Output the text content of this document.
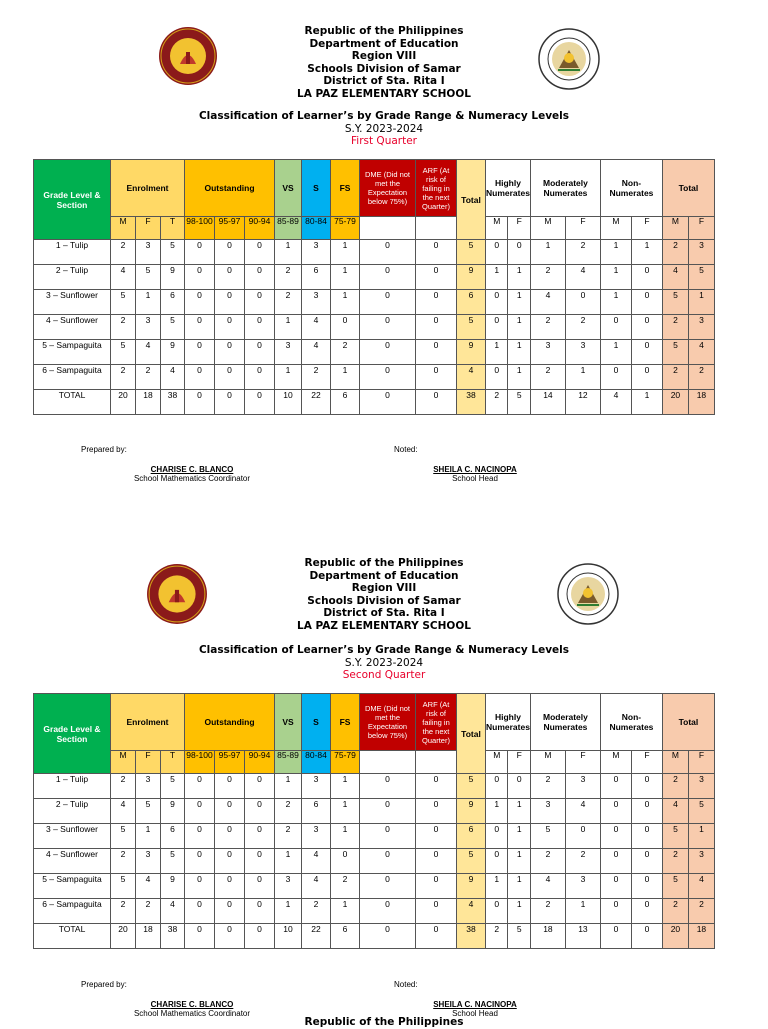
Republic of the Philippines
Department of Education
Region VIII
Schools Division of Samar
District of Sta. Rita I
LA PAZ ELEMENTARY SCHOOL
Classification of Learner’s by Grade Range & Numeracy Levels
S.Y. 2023-2024
First Quarter
Grade Level & Section	Enrolment			Outstanding			VS	S	FS	DME (Did not met the Expectation below 75%)	ARF (At risk of failing in the next Quarter)	Total	Highly Numerates		Moderately Numerates		Non-Numerates		Total	
	M	F	T	98-100	95-97	90-94	85-89	80-84	75-79				M	F	M	F	M	F	M	F
1 – Tulip	2	3	5	0	0	0	1	3	1	0	0	5	0	0	1	2	1	1	2	3
2 – Tulip	4	5	9	0	0	0	2	6	1	0	0	9	1	1	2	4	1	0	4	5
3 – Sunflower	5	1	6	0	0	0	2	3	1	0	0	6	0	1	4	0	1	0	5	1
4 – Sunflower	2	3	5	0	0	0	1	4	0	0	0	5	0	1	2	2	0	0	2	3
5 – Sampaguita	5	4	9	0	0	0	3	4	2	0	0	9	1	1	3	3	1	0	5	4
6 – Sampaguita	2	2	4	0	0	0	1	2	1	0	0	4	0	1	2	1	0	0	2	2
TOTAL	20	18	38	0	0	0	10	22	6	0	0	38	2	5	14	12	4	1	20	18
Prepared by:	Noted:
CHARISE C. BLANCO
School Mathematics Coordinator
SHEILA C. NACINOPA
School Head
Republic of the Philippines
Department of Education
Region VIII
Schools Division of Samar
District of Sta. Rita I
LA PAZ ELEMENTARY SCHOOL
Classification of Learner’s by Grade Range & Numeracy Levels
S.Y. 2023-2024
Second Quarter
Grade Level & Section	Enrolment			Outstanding			VS	S	FS	DME (Did not met the Expectation below 75%)	ARF (At risk of failing in the next Quarter)	Total	Highly Numerates		Moderately Numerates		Non-Numerates		Total	
	M	F	T	98-100	95-97	90-94	85-89	80-84	75-79				M	F	M	F	M	F	M	F
1 – Tulip	2	3	5	0	0	0	1	3	1	0	0	5	0	0	2	3	0	0	2	3
2 – Tulip	4	5	9	0	0	0	2	6	1	0	0	9	1	1	3	4	0	0	4	5
3 – Sunflower	5	1	6	0	0	0	2	3	1	0	0	6	0	1	5	0	0	0	5	1
4 – Sunflower	2	3	5	0	0	0	1	4	0	0	0	5	0	1	2	2	0	0	2	3
5 – Sampaguita	5	4	9	0	0	0	3	4	2	0	0	9	1	1	4	3	0	0	5	4
6 – Sampaguita	2	2	4	0	0	0	1	2	1	0	0	4	0	1	2	1	0	0	2	2
TOTAL	20	18	38	0	0	0	10	22	6	0	0	38	2	5	18	13	0	0	20	18
Prepared by:	Noted:
CHARISE C. BLANCO
School Mathematics Coordinator
SHEILA C. NACINOPA
School Head
Republic of the Philippines
